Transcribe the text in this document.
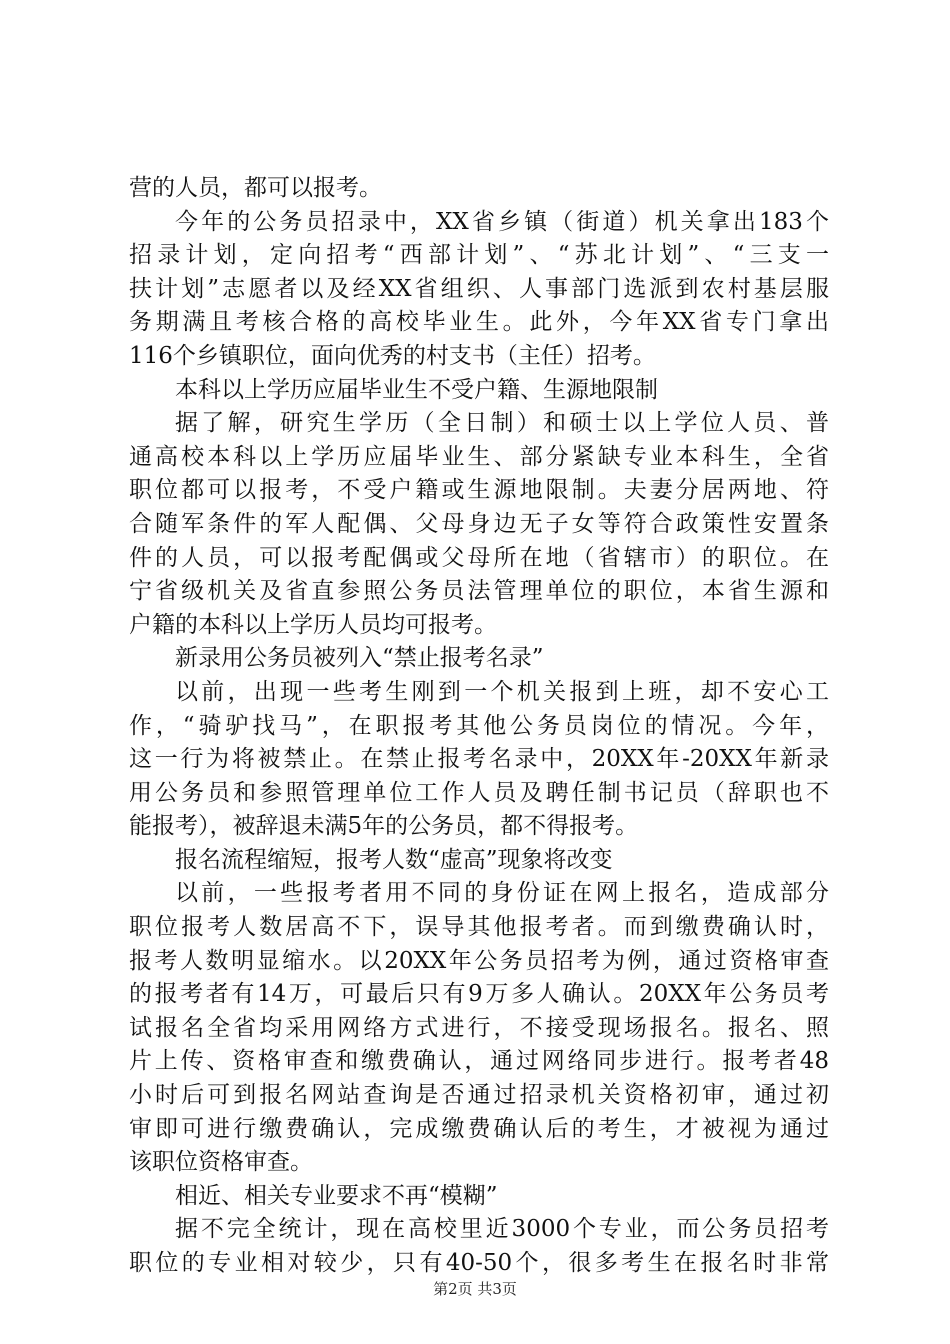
营的人员，都可以报考。
今年的公务员招录中，XX省乡镇（街道）机关拿出183个
招录计划，定向招考“西部计划”、“苏北计划”、“三支一
扶计划”志愿者以及经XX省组织、人事部门选派到农村基层服
务期满且考核合格的高校毕业生。此外，今年XX省专门拿出
116个乡镇职位，面向优秀的村支书（主任）招考。
本科以上学历应届毕业生不受户籍、生源地限制
据了解，研究生学历（全日制）和硕士以上学位人员、普
通高校本科以上学历应届毕业生、部分紧缺专业本科生，全省
职位都可以报考，不受户籍或生源地限制。夫妻分居两地、符
合随军条件的军人配偶、父母身边无子女等符合政策性安置条
件的人员，可以报考配偶或父母所在地（省辖市）的职位。在
宁省级机关及省直参照公务员法管理单位的职位，本省生源和
户籍的本科以上学历人员均可报考。
新录用公务员被列入“禁止报考名录”
以前，出现一些考生刚到一个机关报到上班，却不安心工
作，“骑驴找马”，在职报考其他公务员岗位的情况。今年，
这一行为将被禁止。在禁止报考名录中，20XX年-20XX年新录
用公务员和参照管理单位工作人员及聘任制书记员（辞职也不
能报考），被辞退未满5年的公务员，都不得报考。
报名流程缩短，报考人数“虚高”现象将改变
以前，一些报考者用不同的身份证在网上报名，造成部分
职位报考人数居高不下，误导其他报考者。而到缴费确认时，
报考人数明显缩水。以20XX年公务员招考为例，通过资格审查
的报考者有14万，可最后只有9万多人确认。20XX年公务员考
试报名全省均采用网络方式进行，不接受现场报名。报名、照
片上传、资格审查和缴费确认，通过网络同步进行。报考者48
小时后可到报名网站查询是否通过招录机关资格初审，通过初
审即可进行缴费确认，完成缴费确认后的考生，才被视为通过
该职位资格审查。
相近、相关专业要求不再“模糊”
据不完全统计，现在高校里近3000个专业，而公务员招考
职位的专业相对较少，只有40-50个，很多考生在报名时非常
第2页 共3页
